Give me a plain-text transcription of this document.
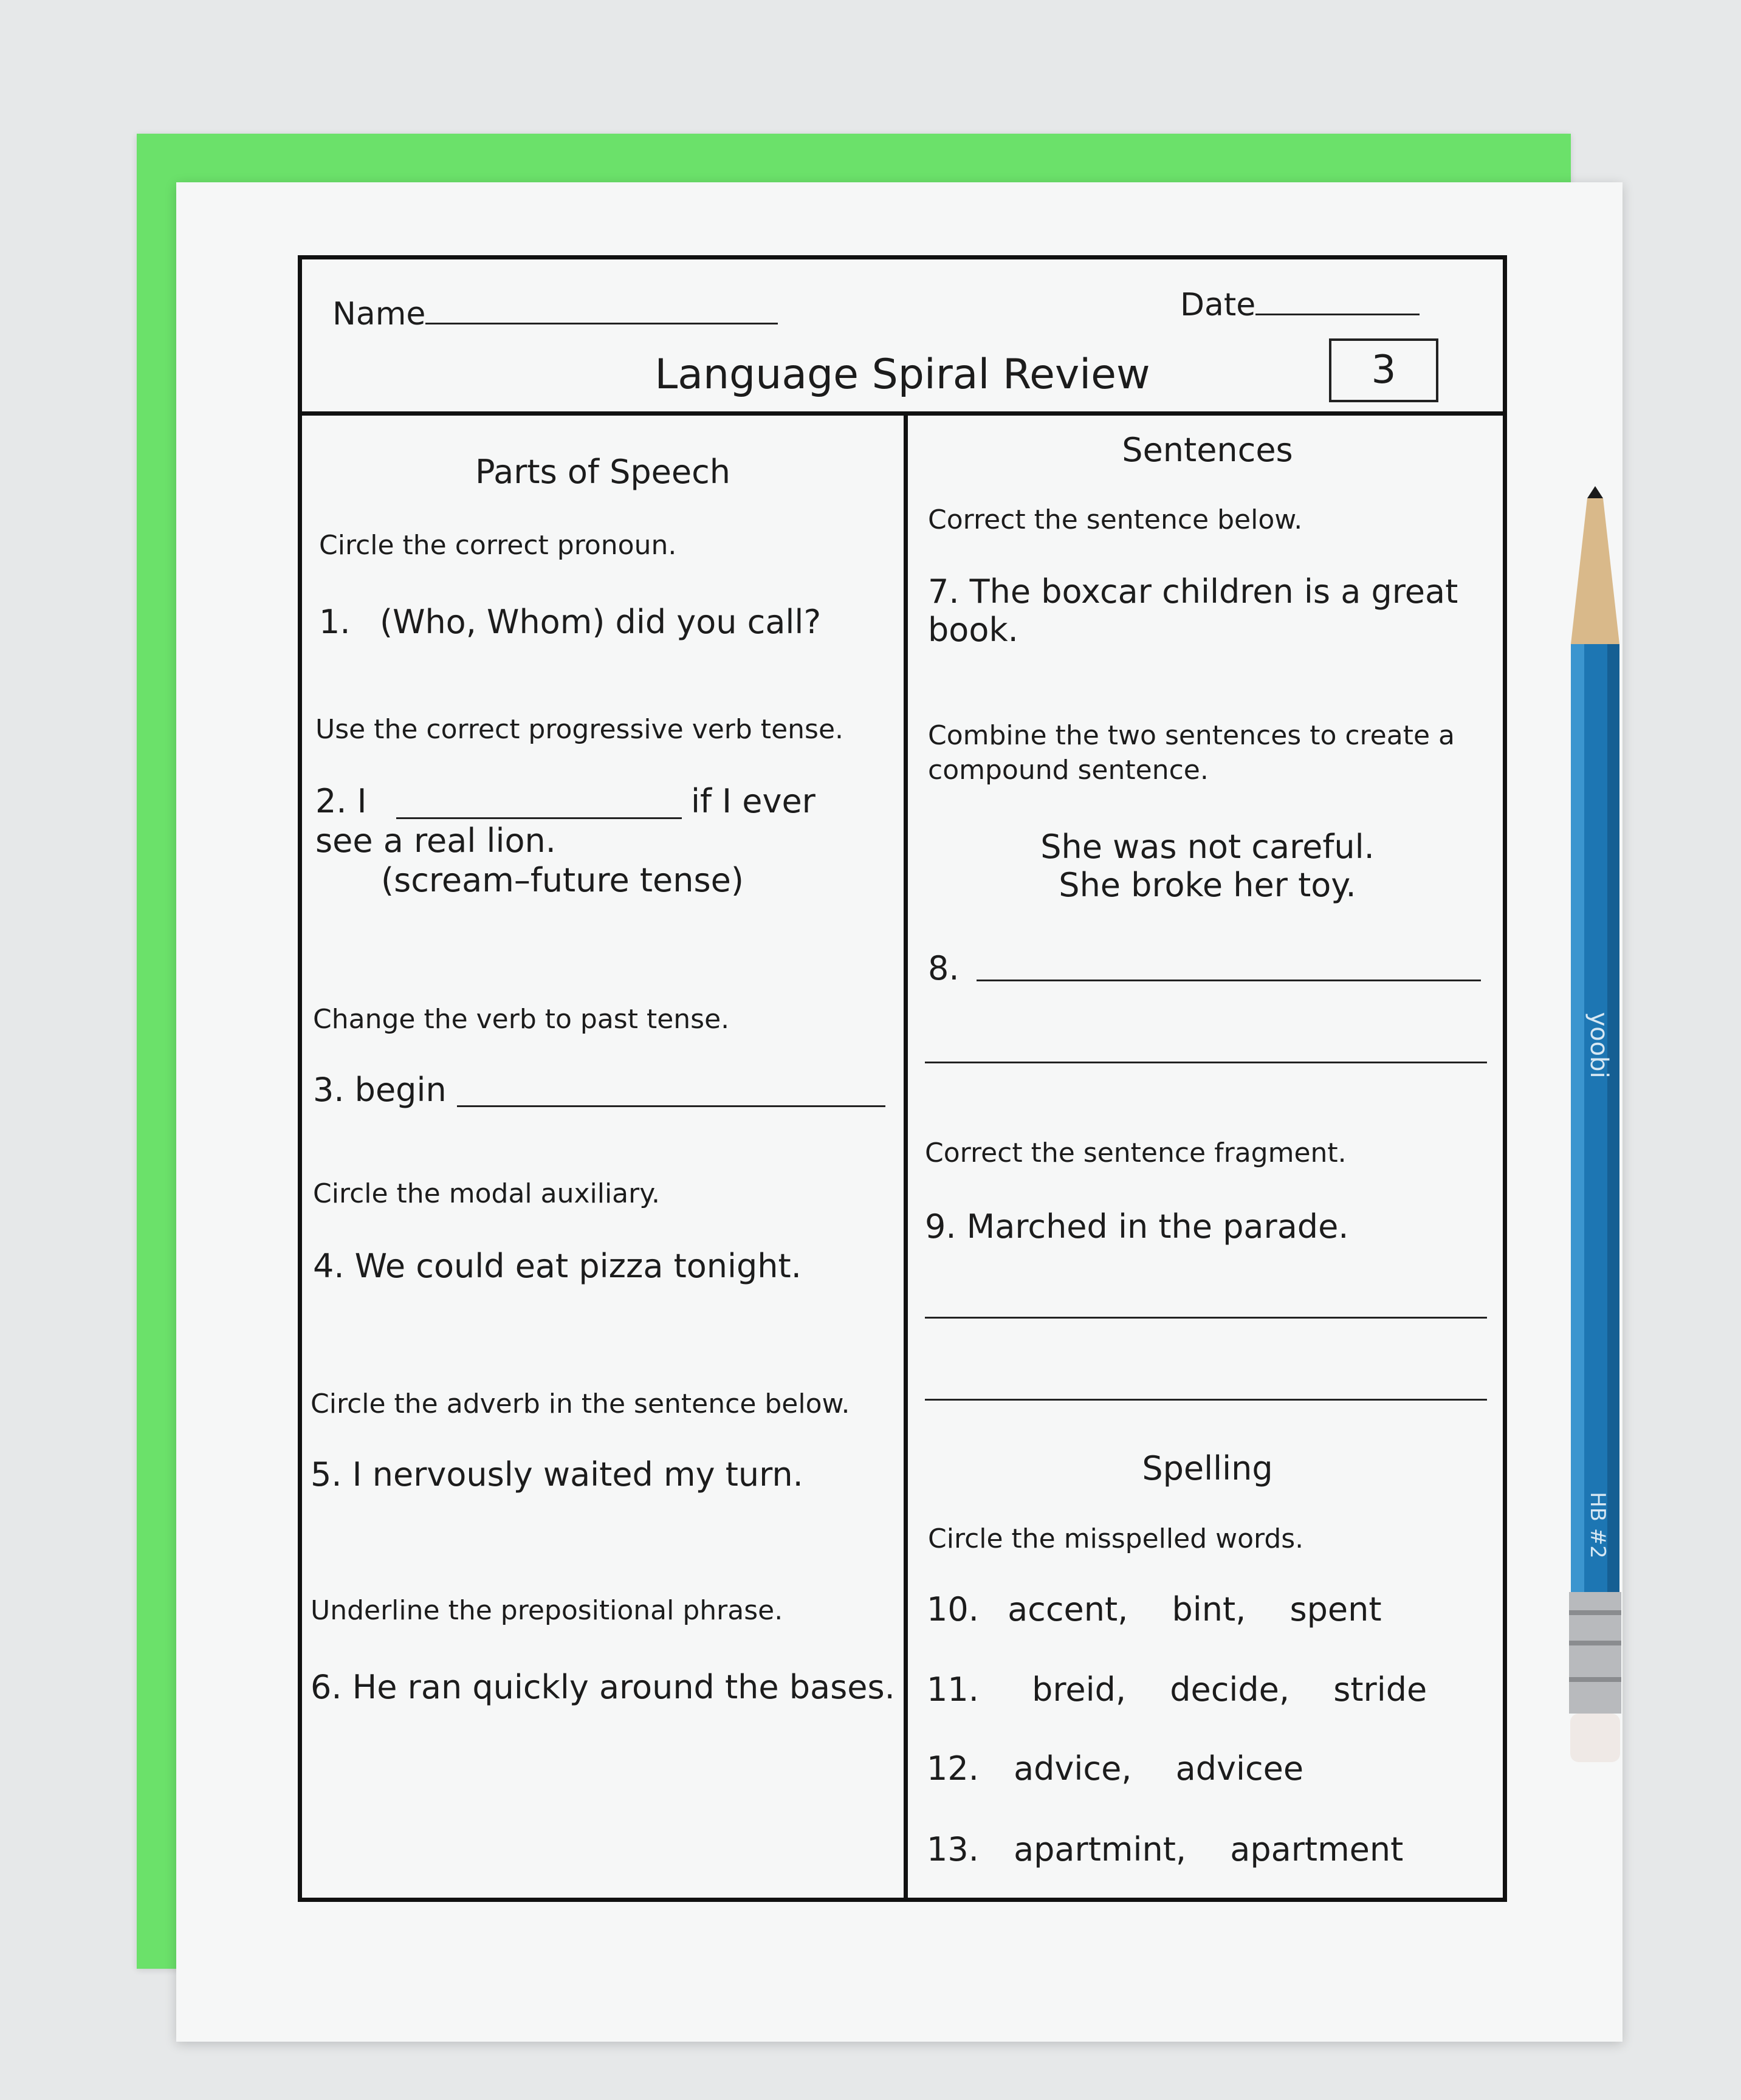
Name	Date
Language Spiral Review	3
Parts of Speech
Circle the correct pronoun.
1. (Who, Whom) did you call?
Use the correct progressive verb tense.
2. I	if I ever
see a real lion.
(scream–future tense)
Change the verb to past tense.
3. begin
Circle the modal auxiliary.
4. We could eat pizza tonight.
Circle the adverb in the sentence below.
5. I nervously waited my turn.
Underline the prepositional phrase.
6. He ran quickly around the bases.
Sentences
Correct the sentence below.
7. The boxcar children is a great
book.
Combine the two sentences to create a
compound sentence.
She was not careful.
She broke her toy.
8.
Correct the sentence fragment.
9. Marched in the parade.
Spelling
Circle the misspelled words.
10. accent, bint, spent
11. breid, decide, stride
12. advice, advicee
13. apartmint, apartment
yoobi
HB #2
